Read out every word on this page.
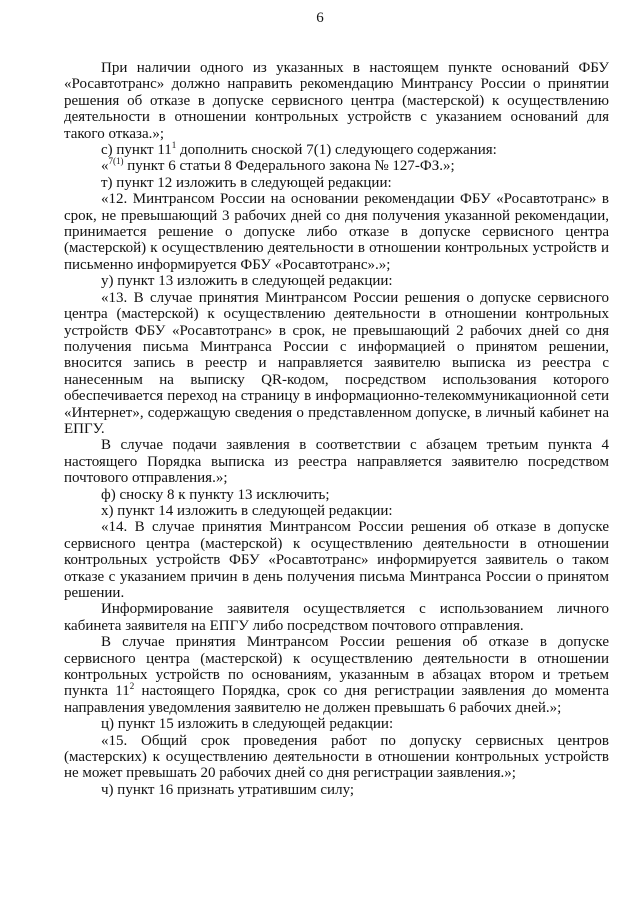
6

При наличии одного из указанных в настоящем пункте оснований ФБУ «Росавтотранс» должно направить рекомендацию Минтрансу России о принятии решения об отказе в допуске сервисного центра (мастерской) к осуществлению деятельности в отношении контрольных устройств с указанием оснований для такого отказа.»;

с) пункт $11^1$ дополнить сноской 7(1) следующего содержания:

«$^{7(1)}$ пункт 6 статьи 8 Федерального закона № 127-ФЗ.»;

т) пункт 12 изложить в следующей редакции:

«12. Минтрансом России на основании рекомендации ФБУ «Росавтотранс» в срок, не превышающий 3 рабочих дней со дня получения указанной рекомендации, принимается решение о допуске либо отказе в допуске сервисного центра (мастерской) к осуществлению деятельности в отношении контрольных устройств и письменно информируется ФБУ «Росавтотранс».»;

у) пункт 13 изложить в следующей редакции:

«13. В случае принятия Минтрансом России решения о допуске сервисного центра (мастерской) к осуществлению деятельности в отношении контрольных устройств ФБУ «Росавтотранс» в срок, не превышающий 2 рабочих дней со дня получения письма Минтранса России с информацией о принятом решении, вносится запись в реестр и направляется заявителю выписка из реестра с нанесенным на выписку QR-кодом, посредством использования которого обеспечивается переход на страницу в информационно-телекоммуникационной сети «Интернет», содержащую сведения о представленном допуске, в личный кабинет на ЕПГУ.

В случае подачи заявления в соответствии с абзацем третьим пункта 4 настоящего Порядка выписка из реестра направляется заявителю посредством почтового отправления.»;

ф) сноску 8 к пункту 13 исключить;

х) пункт 14 изложить в следующей редакции:

«14. В случае принятия Минтрансом России решения об отказе в допуске сервисного центра (мастерской) к осуществлению деятельности в отношении контрольных устройств ФБУ «Росавтотранс» информируется заявитель о таком отказе с указанием причин в день получения письма Минтранса России о принятом решении.

Информирование заявителя осуществляется с использованием личного кабинета заявителя на ЕПГУ либо посредством почтового отправления.

В случае принятия Минтрансом России решения об отказе в допуске сервисного центра (мастерской) к осуществлению деятельности в отношении контрольных устройств по основаниям, указанным в абзацах втором и третьем пункта $11^2$ настоящего Порядка, срок со дня регистрации заявления до момента направления уведомления заявителю не должен превышать 6 рабочих дней.»;

ц) пункт 15 изложить в следующей редакции:

«15. Общий срок проведения работ по допуску сервисных центров (мастерских) к осуществлению деятельности в отношении контрольных устройств не может превышать 20 рабочих дней со дня регистрации заявления.»;

ч) пункт 16 признать утратившим силу;
